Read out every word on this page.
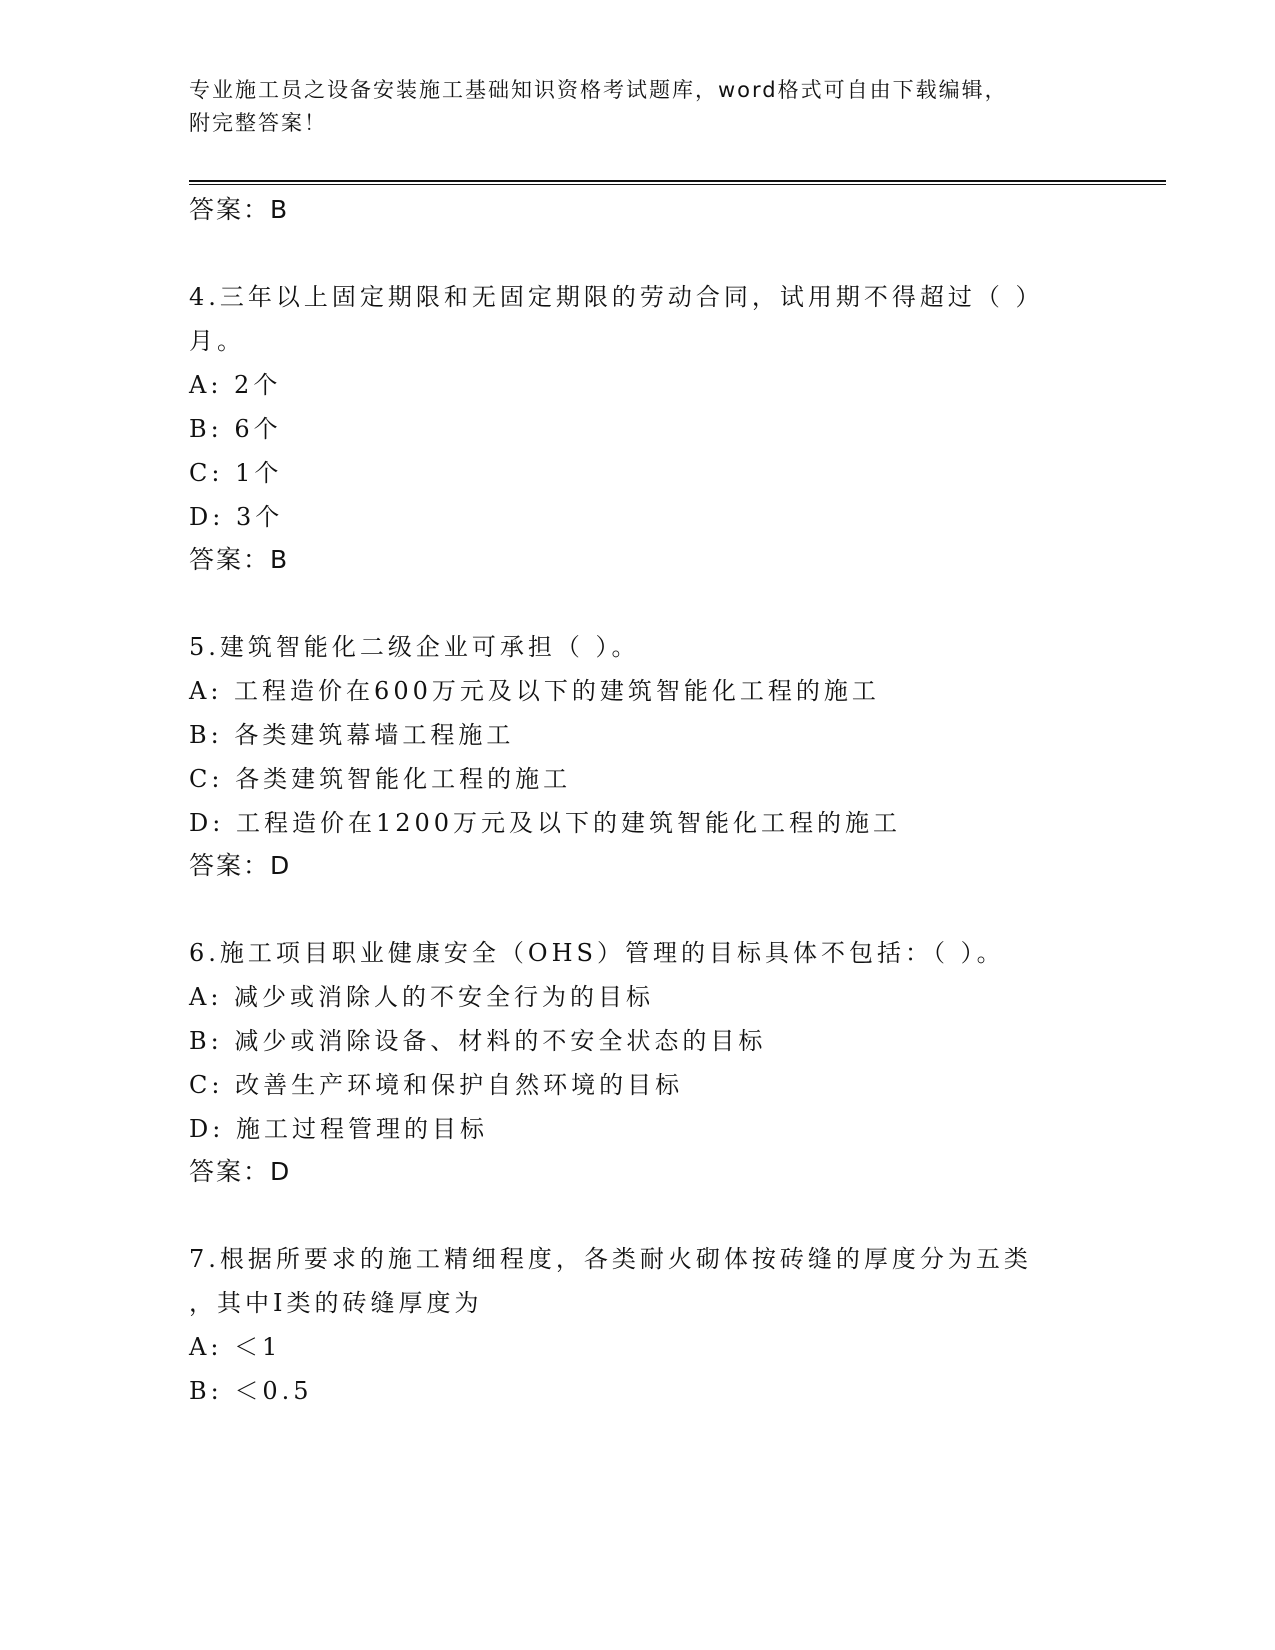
专业施工员之设备安装施工基础知识资格考试题库，word格式可自由下载编辑，
附完整答案！
答案：B
4.三年以上固定期限和无固定期限的劳动合同，试用期不得超过（ ）
月。
A: 2个
B: 6个
C: 1个
D: 3个
答案：B
5.建筑智能化二级企业可承担（ ）。
A: 工程造价在600万元及以下的建筑智能化工程的施工
B: 各类建筑幕墙工程施工
C: 各类建筑智能化工程的施工
D: 工程造价在1200万元及以下的建筑智能化工程的施工
答案：D
6.施工项目职业健康安全（OHS）管理的目标具体不包括：（ ）。
A: 减少或消除人的不安全行为的目标
B: 减少或消除设备、材料的不安全状态的目标
C: 改善生产环境和保护自然环境的目标
D: 施工过程管理的目标
答案：D
7.根据所要求的施工精细程度，各类耐火砌体按砖缝的厚度分为五类
，其中I类的砖缝厚度为
A: ＜1
B: ＜0.5
